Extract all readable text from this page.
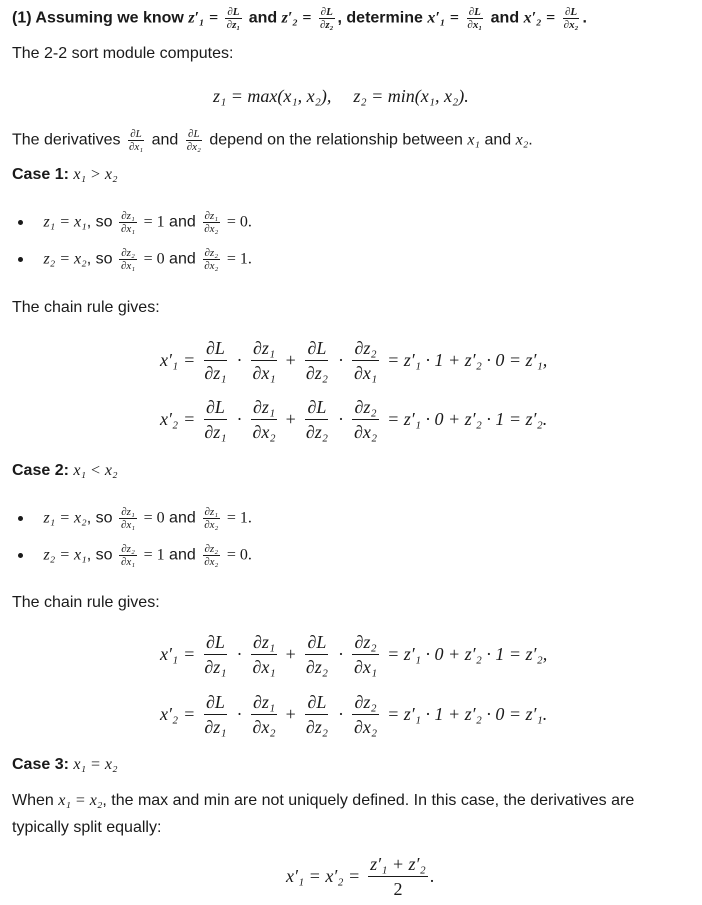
(1) Assuming we know $z'_1 = \frac{\partial L}{\text{∂z₁}}$ and $z'_2 = \frac{\partial L}{\text{∂z₂}}$ , determine $x'_1 = \frac{\partial L}{\text{∂x₁}}$ and $x'_2 = \frac{\partial L}{\text{∂x₂}}$ .
The 2-2 sort module computes:
z₁ = max(x₁, x₂), z₂ = min(x₁, x₂).
The derivatives $\frac{\partial L}{\text{∂x₁}}$ and $\frac{\partial L}{\text{∂x₂}}$ depend on the relationship between x₁ and x₂.
Case 1: x₁ > x₂
z₁ = x₁, so $\frac{\text{∂z₁}}{\text{∂x₁}} = 1$ and $\frac{\text{∂z₁}}{\text{∂x₂}} = 0$.
z₂ = x₂, so $\frac{\text{∂z₂}}{\text{∂x₁}} = 0$ and $\frac{\text{∂z₂}}{\text{∂x₂}} = 1$.
The chain rule gives:
$x'_1 = \frac{\partial L}{\text{∂z₁}} \cdot \frac{\text{∂z₁}}{\text{∂x₁}} + \frac{\partial L}{\text{∂z₂}} \cdot \frac{\text{∂z₂}}{\text{∂x₁}} = z'_1 \cdot 1 + z'_2 \cdot 0 = z'_1$,
$x'_2 = \frac{\partial L}{\text{∂z₁}} \cdot \frac{\text{∂z₁}}{\text{∂x₂}} + \frac{\partial L}{\text{∂z₂}} \cdot \frac{\text{∂z₂}}{\text{∂x₂}} = z'_1 \cdot 0 + z'_2 \cdot 1 = z'_2$.
Case 2: x₁ < x₂
z₁ = x₂, so $\frac{\text{∂z₁}}{\text{∂x₁}} = 0$ and $\frac{\text{∂z₁}}{\text{∂x₂}} = 1$.
z₂ = x₁, so $\frac{\text{∂z₂}}{\text{∂x₁}} = 1$ and $\frac{\text{∂z₂}}{\text{∂x₂}} = 0$.
The chain rule gives:
$x'_1 = \frac{\partial L}{\text{∂z₁}} \cdot \frac{\text{∂z₁}}{\text{∂x₁}} + \frac{\partial L}{\text{∂z₂}} \cdot \frac{\text{∂z₂}}{\text{∂x₁}} = z'_1 \cdot 0 + z'_2 \cdot 1 = z'_2$,
$x'_2 = \frac{\partial L}{\text{∂z₁}} \cdot \frac{\text{∂z₁}}{\text{∂x₂}} + \frac{\partial L}{\text{∂z₂}} \cdot \frac{\text{∂z₂}}{\text{∂x₂}} = z'_1 \cdot 1 + z'_2 \cdot 0 = z'_1$.
Case 3: x₁ = x₂
When x₁ = x₂, the max and min are not uniquely defined. In this case, the derivatives are
typically split equally:
$x'_1 = x'_2 = \frac{\text{z′₁ + z′₂}}{2}$ .
